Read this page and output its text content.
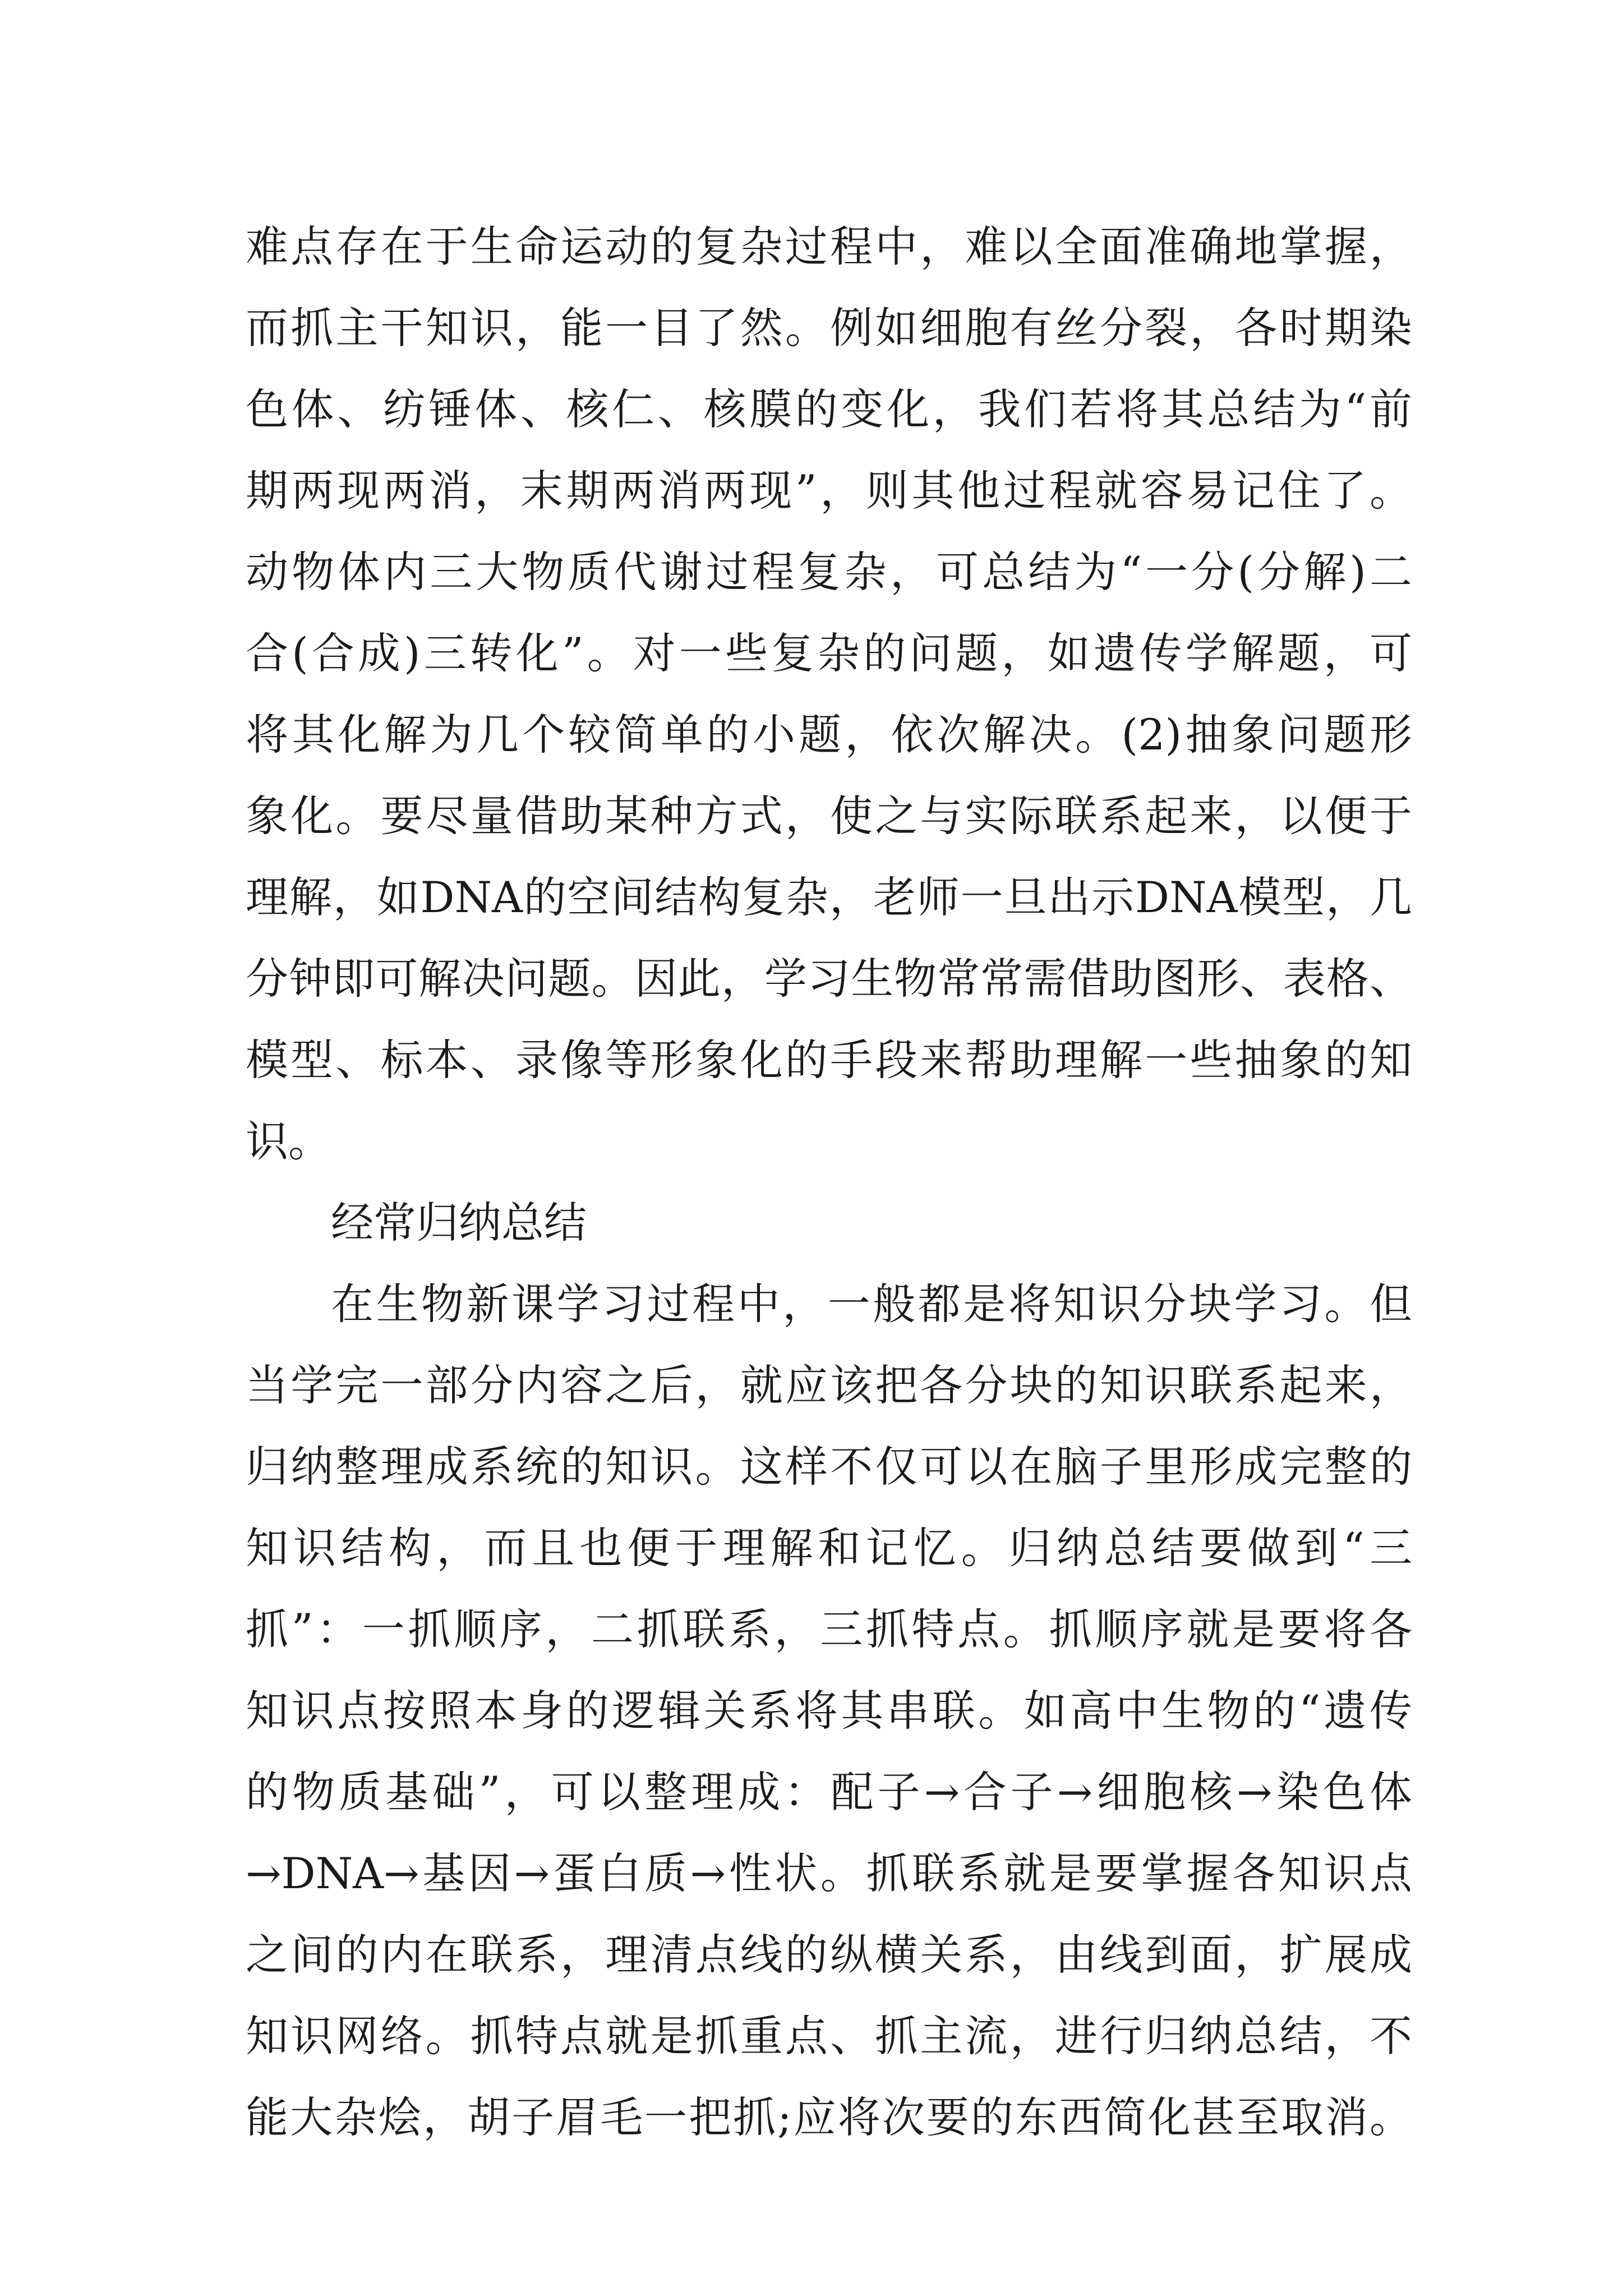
难点存在于生命运动的复杂过程中，难以全面准确地掌握，
而抓主干知识，能一目了然。例如细胞有丝分裂，各时期染
色体、纺锤体、核仁、核膜的变化，我们若将其总结为“前
期两现两消，末期两消两现”，则其他过程就容易记住了。
动物体内三大物质代谢过程复杂，可总结为“一分(分解)二
合(合成)三转化”。对一些复杂的问题，如遗传学解题，可
将其化解为几个较简单的小题，依次解决。(2)抽象问题形
象化。要尽量借助某种方式，使之与实际联系起来，以便于
理解，如DNA的空间结构复杂，老师一旦出示DNA模型，几
分钟即可解决问题。因此，学习生物常常需借助图形、表格、
模型、标本、录像等形象化的手段来帮助理解一些抽象的知
识。
经常归纳总结
在生物新课学习过程中，一般都是将知识分块学习。但
当学完一部分内容之后，就应该把各分块的知识联系起来，
归纳整理成系统的知识。这样不仅可以在脑子里形成完整的
知识结构，而且也便于理解和记忆。归纳总结要做到“三
抓”：一抓顺序，二抓联系，三抓特点。抓顺序就是要将各
知识点按照本身的逻辑关系将其串联。如高中生物的“遗传
的物质基础”，可以整理成：配子→合子→细胞核→染色体
→DNA→基因→蛋白质→性状。抓联系就是要掌握各知识点
之间的内在联系，理清点线的纵横关系，由线到面，扩展成
知识网络。抓特点就是抓重点、抓主流，进行归纳总结，不
能大杂烩，胡子眉毛一把抓;应将次要的东西简化甚至取消。
